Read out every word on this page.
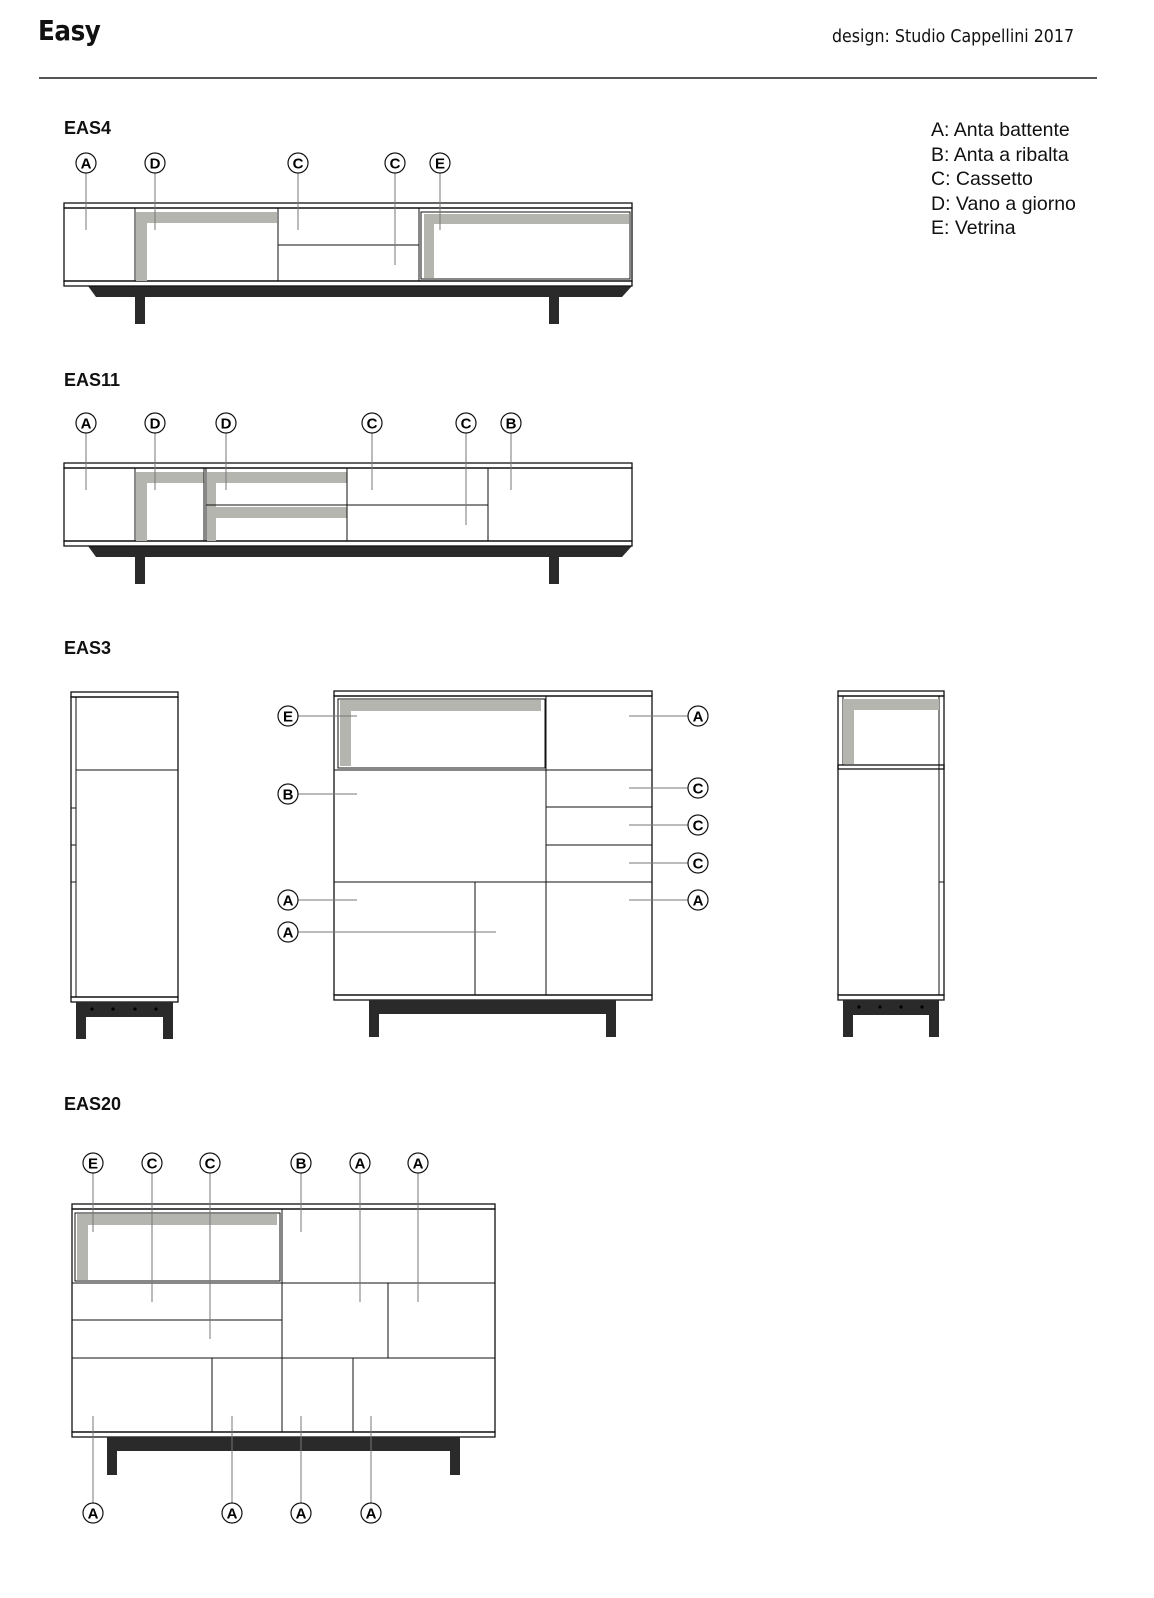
Easy	design: Studio Cappellini 2017
A: Anta battente
B: Anta a ribalta
C: Cassetto
D: Vano a giorno
E: Vetrina
EAS4
EAS11
EAS3
EAS20
A	D	C	C E
A	D	D	C	C B
E
B
A
A
A
C
C
C
A
E	C	C	B	A	A
A	A	A	A
